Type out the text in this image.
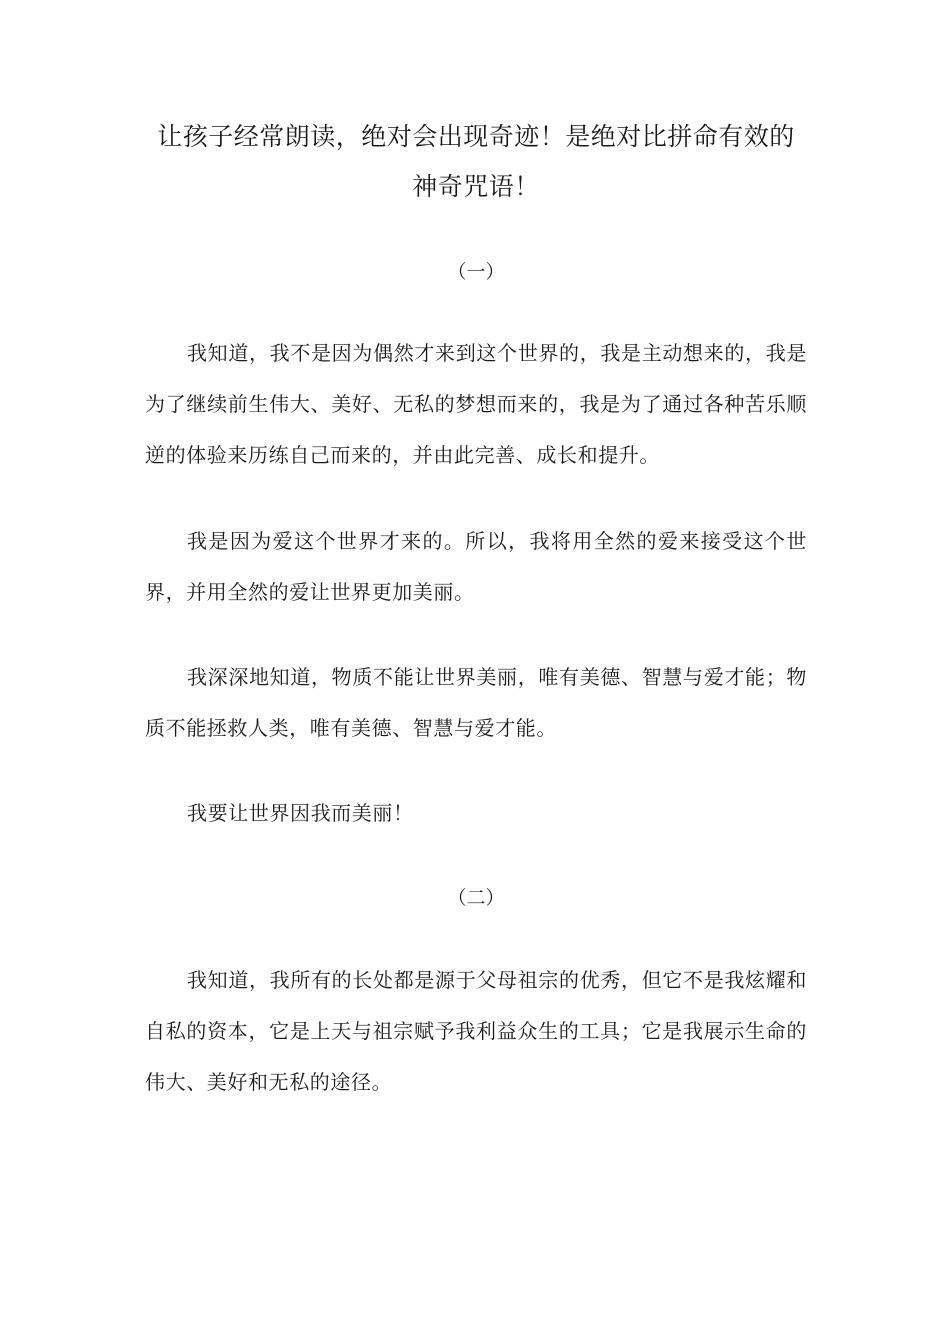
让孩子经常朗读，绝对会出现奇迹！是绝对比拼命有效的神奇咒语！
（一）

我知道，我不是因为偶然才来到这个世界的，我是主动想来的，我是为了继续前生伟大、美好、无私的梦想而来的，我是为了通过各种苦乐顺逆的体验来历练自己而来的，并由此完善、成长和提升。

我是因为爱这个世界才来的。所以，我将用全然的爱来接受这个世界，并用全然的爱让世界更加美丽。

我深深地知道，物质不能让世界美丽，唯有美德、智慧与爱才能；物质不能拯救人类，唯有美德、智慧与爱才能。

我要让世界因我而美丽！

（二）

我知道，我所有的长处都是源于父母祖宗的优秀，但它不是我炫耀和自私的资本，它是上天与祖宗赋予我利益众生的工具；它是我展示生命的伟大、美好和无私的途径。
